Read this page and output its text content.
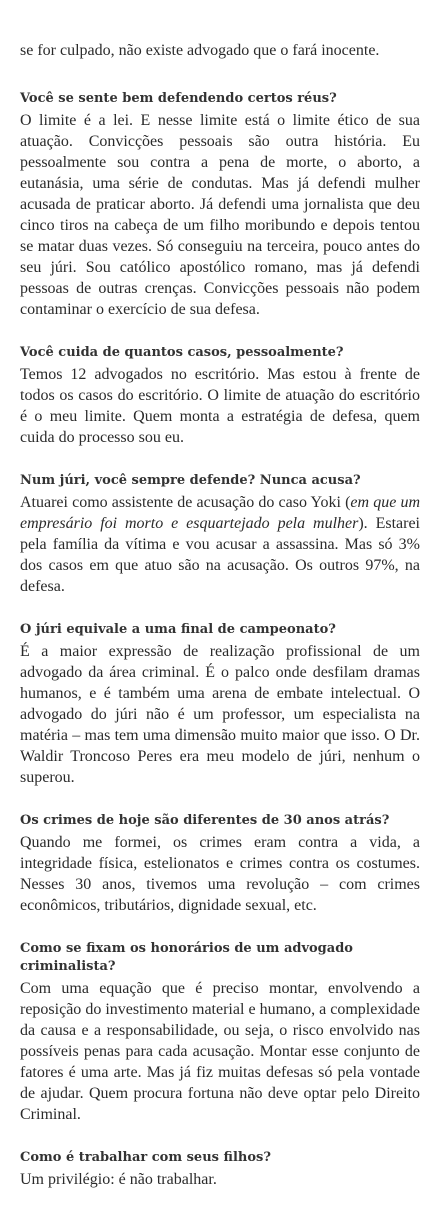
se for culpado, não existe advogado que o fará inocente.

Você se sente bem defendendo certos réus?

O limite é a lei. E nesse limite está o limite ético de sua atuação. Convicções pessoais são outra história. Eu pessoalmente sou contra a pena de morte, o aborto, a eutanásia, uma série de condutas. Mas já defendi mulher acusada de praticar aborto. Já defendi uma jornalista que deu cinco tiros na cabeça de um filho moribundo e depois tentou se matar duas vezes. Só conseguiu na terceira, pouco antes do seu júri. Sou católico apostólico romano, mas já defendi pessoas de outras crenças. Convicções pessoais não podem contaminar o exercício de sua defesa.

Você cuida de quantos casos, pessoalmente?

Temos 12 advogados no escritório. Mas estou à frente de todos os casos do escritório. O limite de atuação do escritório é o meu limite. Quem monta a estratégia de defesa, quem cuida do processo sou eu.

Num júri, você sempre defende? Nunca acusa?

Atuarei como assistente de acusação do caso Yoki (em que um empresário foi morto e esquartejado pela mulher). Estarei pela família da vítima e vou acusar a assassina. Mas só 3% dos casos em que atuo são na acusação. Os outros 97%, na defesa.

O júri equivale a uma final de campeonato?

É a maior expressão de realização profissional de um advogado da área criminal. É o palco onde desfilam dramas humanos, e é também uma arena de embate intelectual. O advogado do júri não é um professor, um especialista na matéria – mas tem uma dimensão muito maior que isso. O Dr. Waldir Troncoso Peres era meu modelo de júri, nenhum o superou.

Os crimes de hoje são diferentes de 30 anos atrás?

Quando me formei, os crimes eram contra a vida, a integridade física, estelionatos e crimes contra os costumes. Nesses 30 anos, tivemos uma revolução – com crimes econômicos, tributários, dignidade sexual, etc.

Como se fixam os honorários de um advogado criminalista?

Com uma equação que é preciso montar, envolvendo a reposição do investimento material e humano, a complexidade da causa e a responsabilidade, ou seja, o risco envolvido nas possíveis penas para cada acusação. Montar esse conjunto de fatores é uma arte. Mas já fiz muitas defesas só pela vontade de ajudar. Quem procura fortuna não deve optar pelo Direito Criminal.

Como é trabalhar com seus filhos?

Um privilégio: é não trabalhar.
